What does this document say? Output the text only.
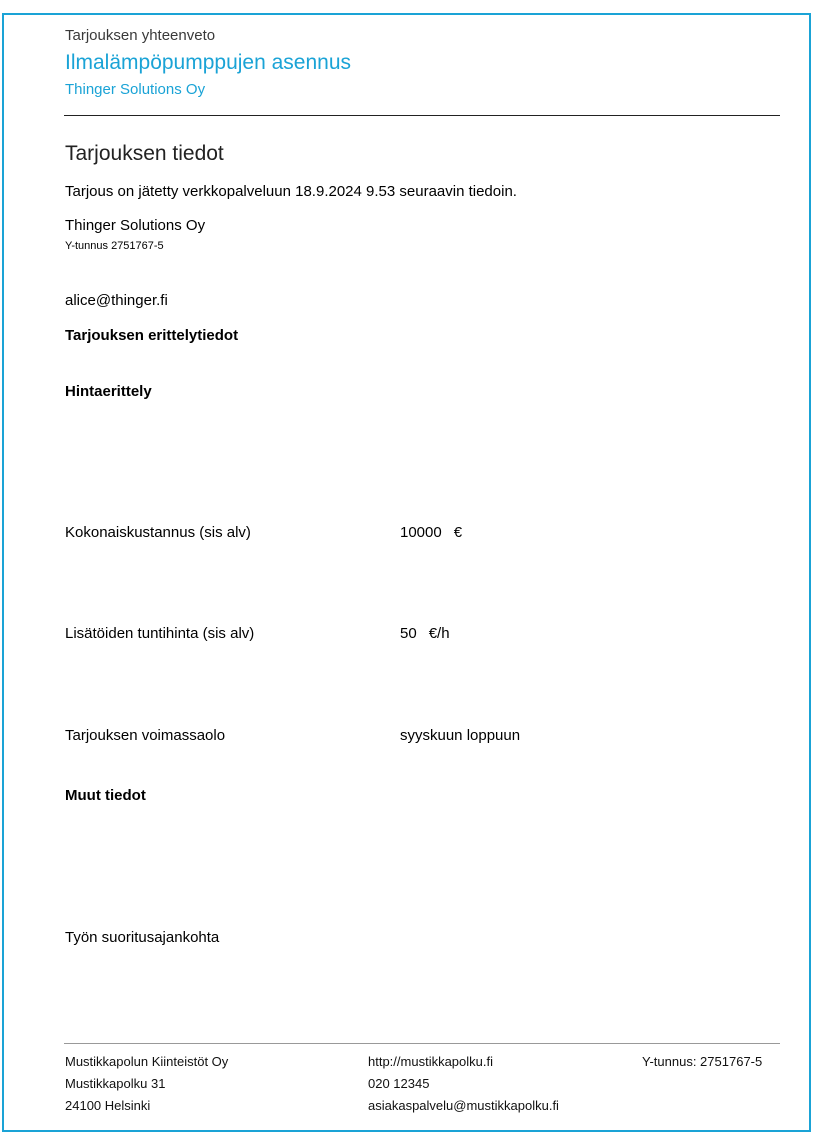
Tarjouksen yhteenveto
Ilmalämpöpumppujen asennus
Thinger Solutions Oy
Tarjouksen tiedot
Tarjous on jätetty verkkopalveluun 18.9.2024 9.53 seuraavin tiedoin.
Thinger Solutions Oy
Y-tunnus 2751767-5
alice@thinger.fi
Tarjouksen erittelytiedot
Hintaerittely
Kokonaiskustannus (sis alv)	10000 €
Lisätöiden tuntihinta (sis alv)	50 €/h
Tarjouksen voimassaolo	syyskuun loppuun
Muut tiedot
Työn suoritusajankohta
Mustikkapolun Kiinteistöt Oy
Mustikkapolku 31
24100 Helsinki
http://mustikkapolku.fi
020 12345
asiakaspalvelu@mustikkapolku.fi
Y-tunnus: 2751767-5
